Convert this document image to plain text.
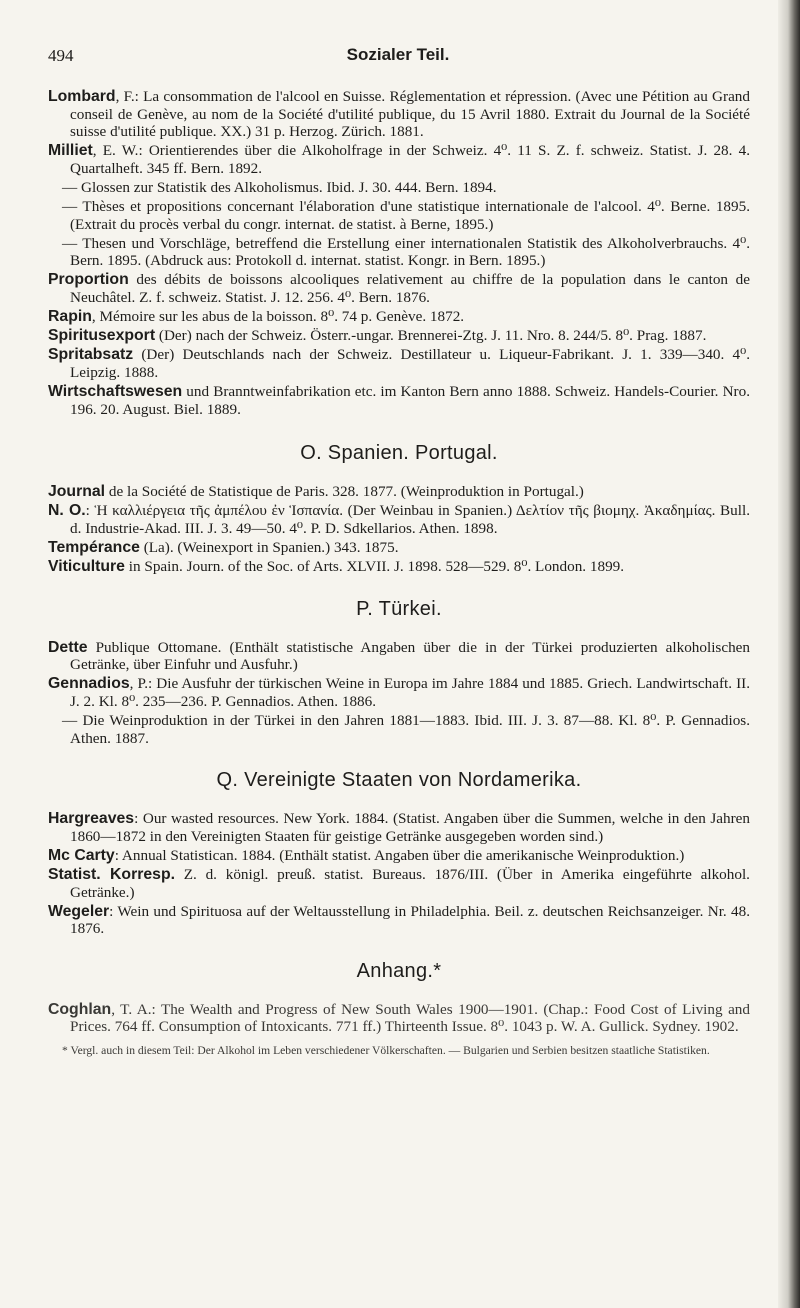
494	Sozialer Teil.

Lombard, F.: La consommation de l'alcool en Suisse. Réglementation et répression. (Avec une Pétition au Grand conseil de Genève, au nom de la Société d'utilité publique, du 15 Avril 1880. Extrait du Journal de la Société suisse d'utilité publique. XX.) 31 p. Herzog. Zürich. 1881.

Milliet, E. W.: Orientierendes über die Alkoholfrage in der Schweiz. 4⁰. 11 S. Z. f. schweiz. Statist. J. 28. 4. Quartalheft. 345 ff. Bern. 1892.

— Glossen zur Statistik des Alkoholismus. Ibid. J. 30. 444. Bern. 1894.

— Thèses et propositions concernant l'élaboration d'une statistique internationale de l'alcool. 4⁰. Berne. 1895. (Extrait du procès verbal du congr. internat. de statist. à Berne, 1895.)

— Thesen und Vorschläge, betreffend die Erstellung einer internationalen Statistik des Alkoholverbrauchs. 4⁰. Bern. 1895. (Abdruck aus: Protokoll d. internat. statist. Kongr. in Bern. 1895.)

Proportion des débits de boissons alcooliques relativement au chiffre de la population dans le canton de Neuchâtel. Z. f. schweiz. Statist. J. 12. 256. 4⁰. Bern. 1876.

Rapin, Mémoire sur les abus de la boisson. 8⁰. 74 p. Genève. 1872.

Spiritusexport (Der) nach der Schweiz. Österr.-ungar. Brennerei-Ztg. J. 11. Nro. 8. 244/5. 8⁰. Prag. 1887.

Spritabsatz (Der) Deutschlands nach der Schweiz. Destillateur u. Liqueur-Fabrikant. J. 1. 339—340. 4⁰. Leipzig. 1888.

Wirtschaftswesen und Branntweinfabrikation etc. im Kanton Bern anno 1888. Schweiz. Handels-Courier. Nro. 196. 20. August. Biel. 1889.

O. Spanien. Portugal.

Journal de la Société de Statistique de Paris. 328. 1877. (Weinproduktion in Portugal.)

N. O.: Ἡ καλλιέργεια τῆς ἀμπέλου ἐν Ἱσπανία. (Der Weinbau in Spanien.) Δελτίον τῆς βιομηχ. Ἀκαδημίας. Bull. d. Industrie-Akad. III. J. 3. 49—50. 4⁰. P. D. Sdkellarios. Athen. 1898.

Tempérance (La). (Weinexport in Spanien.) 343. 1875.

Viticulture in Spain. Journ. of the Soc. of Arts. XLVII. J. 1898. 528—529. 8⁰. London. 1899.

P. Türkei.

Dette Publique Ottomane. (Enthält statistische Angaben über die in der Türkei produzierten alkoholischen Getränke, über Einfuhr und Ausfuhr.)

Gennadios, P.: Die Ausfuhr der türkischen Weine in Europa im Jahre 1884 und 1885. Griech. Landwirtschaft. II. J. 2. Kl. 8⁰. 235—236. P. Gennadios. Athen. 1886.

— Die Weinproduktion in der Türkei in den Jahren 1881—1883. Ibid. III. J. 3. 87—88. Kl. 8⁰. P. Gennadios. Athen. 1887.

Q. Vereinigte Staaten von Nordamerika.

Hargreaves: Our wasted resources. New York. 1884. (Statist. Angaben über die Summen, welche in den Jahren 1860—1872 in den Vereinigten Staaten für geistige Getränke ausgegeben worden sind.)

Mc Carty: Annual Statistican. 1884. (Enthält statist. Angaben über die amerikanische Weinproduktion.)

Statist. Korresp. Z. d. königl. preuß. statist. Bureaus. 1876/III. (Über in Amerika eingeführte alkohol. Getränke.)

Wegeler: Wein und Spirituosa auf der Weltausstellung in Philadelphia. Beil. z. deutschen Reichsanzeiger. Nr. 48. 1876.

Anhang.*

Coghlan, T. A.: The Wealth and Progress of New South Wales 1900—1901. (Chap.: Food Cost of Living and Prices. 764 ff. Consumption of Intoxicants. 771 ff.) Thirteenth Issue. 8⁰. 1043 p. W. A. Gullick. Sydney. 1902.

* Vergl. auch in diesem Teil: Der Alkohol im Leben verschiedener Völkerschaften. — Bulgarien und Serbien besitzen staatliche Statistiken.
